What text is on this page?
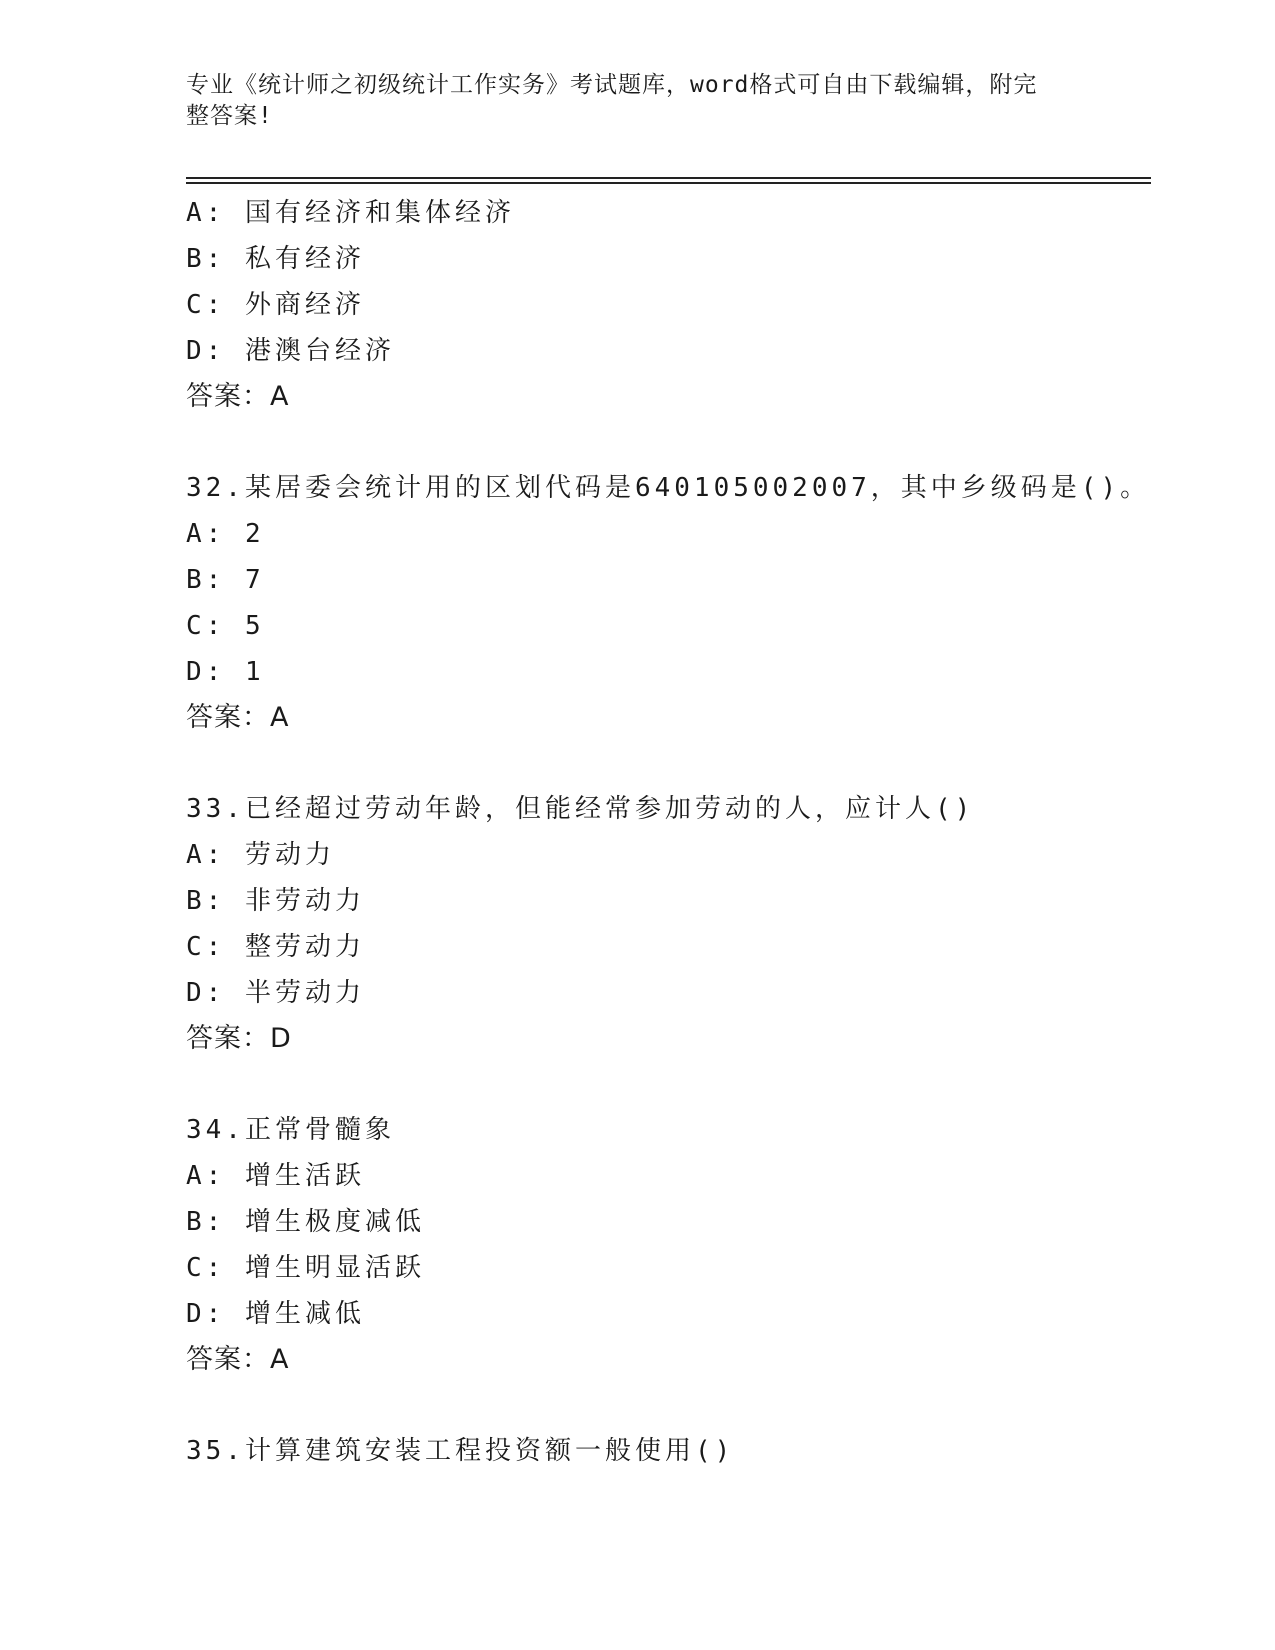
专业《统计师之初级统计工作实务》考试题库，word格式可自由下载编辑，附完
整答案!
A: 国有经济和集体经济
B: 私有经济
C: 外商经济
D: 港澳台经济
答案：A
32.某居委会统计用的区划代码是640105002007，其中乡级码是()。
A: 2
B: 7
C: 5
D: 1
答案：A
33.已经超过劳动年龄，但能经常参加劳动的人，应计人()
A: 劳动力
B: 非劳动力
C: 整劳动力
D: 半劳动力
答案：D
34.正常骨髓象
A: 增生活跃
B: 增生极度减低
C: 增生明显活跃
D: 增生减低
答案：A
35.计算建筑安装工程投资额一般使用()
